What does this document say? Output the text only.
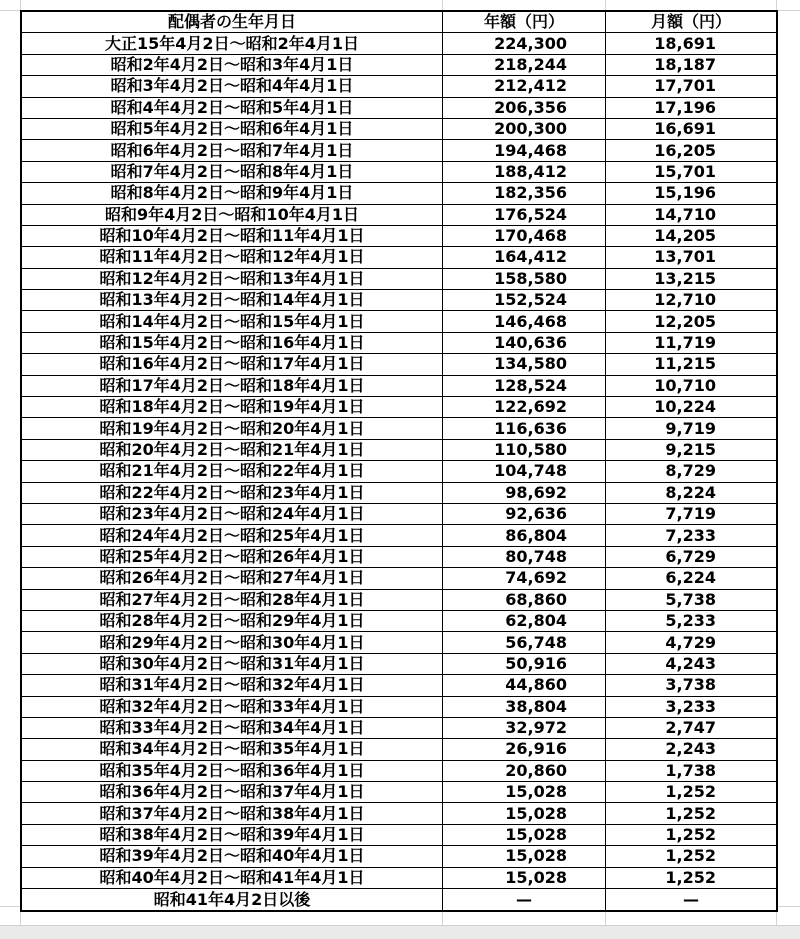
配偶者の生年月日	年額（円）	月額（円）
大正15年4月2日～昭和2年4月1日	224,300	18,691
昭和2年4月2日～昭和3年4月1日	218,244	18,187
昭和3年4月2日～昭和4年4月1日	212,412	17,701
昭和4年4月2日～昭和5年4月1日	206,356	17,196
昭和5年4月2日～昭和6年4月1日	200,300	16,691
昭和6年4月2日～昭和7年4月1日	194,468	16,205
昭和7年4月2日～昭和8年4月1日	188,412	15,701
昭和8年4月2日～昭和9年4月1日	182,356	15,196
昭和9年4月2日～昭和10年4月1日	176,524	14,710
昭和10年4月2日～昭和11年4月1日	170,468	14,205
昭和11年4月2日～昭和12年4月1日	164,412	13,701
昭和12年4月2日～昭和13年4月1日	158,580	13,215
昭和13年4月2日～昭和14年4月1日	152,524	12,710
昭和14年4月2日～昭和15年4月1日	146,468	12,205
昭和15年4月2日～昭和16年4月1日	140,636	11,719
昭和16年4月2日～昭和17年4月1日	134,580	11,215
昭和17年4月2日～昭和18年4月1日	128,524	10,710
昭和18年4月2日～昭和19年4月1日	122,692	10,224
昭和19年4月2日～昭和20年4月1日	116,636	9,719
昭和20年4月2日～昭和21年4月1日	110,580	9,215
昭和21年4月2日～昭和22年4月1日	104,748	8,729
昭和22年4月2日～昭和23年4月1日	98,692	8,224
昭和23年4月2日～昭和24年4月1日	92,636	7,719
昭和24年4月2日～昭和25年4月1日	86,804	7,233
昭和25年4月2日～昭和26年4月1日	80,748	6,729
昭和26年4月2日～昭和27年4月1日	74,692	6,224
昭和27年4月2日～昭和28年4月1日	68,860	5,738
昭和28年4月2日～昭和29年4月1日	62,804	5,233
昭和29年4月2日～昭和30年4月1日	56,748	4,729
昭和30年4月2日～昭和31年4月1日	50,916	4,243
昭和31年4月2日～昭和32年4月1日	44,860	3,738
昭和32年4月2日～昭和33年4月1日	38,804	3,233
昭和33年4月2日～昭和34年4月1日	32,972	2,747
昭和34年4月2日～昭和35年4月1日	26,916	2,243
昭和35年4月2日～昭和36年4月1日	20,860	1,738
昭和36年4月2日～昭和37年4月1日	15,028	1,252
昭和37年4月2日～昭和38年4月1日	15,028	1,252
昭和38年4月2日～昭和39年4月1日	15,028	1,252
昭和39年4月2日～昭和40年4月1日	15,028	1,252
昭和40年4月2日～昭和41年4月1日	15,028	1,252
昭和41年4月2日以後	—	—
